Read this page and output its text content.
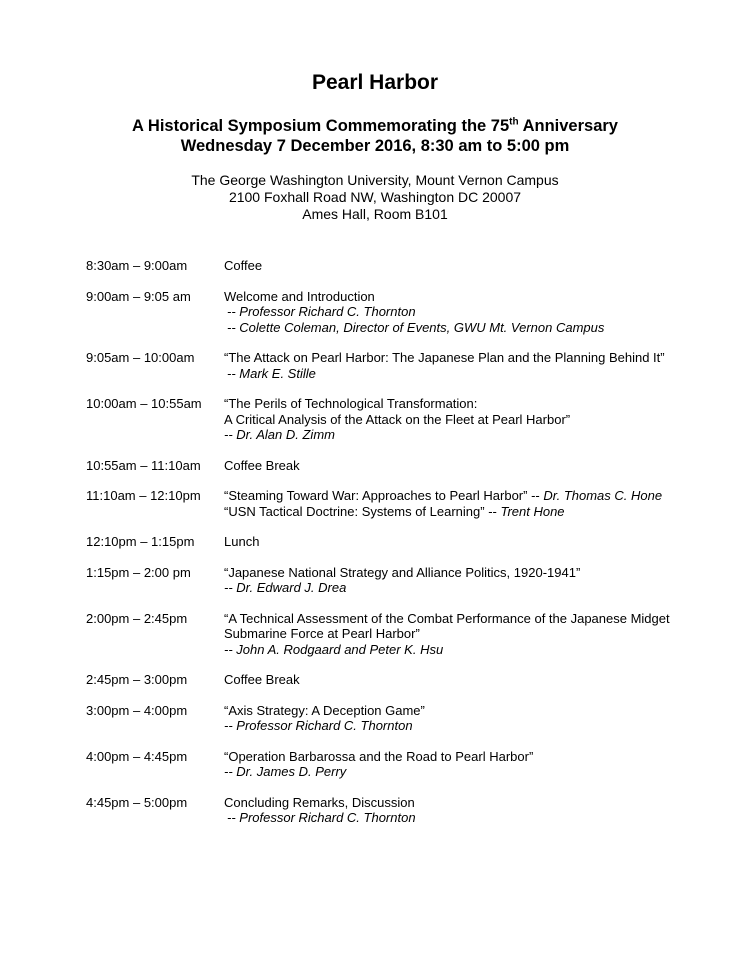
Pearl Harbor
A Historical Symposium Commemorating the 75th Anniversary
Wednesday 7 December 2016, 8:30 am to 5:00 pm
The George Washington University, Mount Vernon Campus
2100 Foxhall Road NW, Washington DC 20007
Ames Hall, Room B101
8:30am – 9:00am	Coffee
9:00am – 9:05 am	Welcome and Introduction
-- Professor Richard C. Thornton
-- Colette Coleman, Director of Events, GWU Mt. Vernon Campus
9:05am – 10:00am	“The Attack on Pearl Harbor: The Japanese Plan and the Planning Behind It”
-- Mark E. Stille
10:00am – 10:55am	“The Perils of Technological Transformation:
A Critical Analysis of the Attack on the Fleet at Pearl Harbor”
-- Dr. Alan D. Zimm
10:55am – 11:10am	Coffee Break
11:10am – 12:10pm	“Steaming Toward War: Approaches to Pearl Harbor” -- Dr. Thomas C. Hone
“USN Tactical Doctrine: Systems of Learning” -- Trent Hone
12:10pm – 1:15pm	Lunch
1:15pm – 2:00 pm	“Japanese National Strategy and Alliance Politics, 1920-1941”
-- Dr. Edward J. Drea
2:00pm – 2:45pm	“A Technical Assessment of the Combat Performance of the Japanese Midget
Submarine Force at Pearl Harbor”
-- John A. Rodgaard and Peter K. Hsu
2:45pm – 3:00pm	Coffee Break
3:00pm – 4:00pm	“Axis Strategy: A Deception Game”
-- Professor Richard C. Thornton
4:00pm – 4:45pm	“Operation Barbarossa and the Road to Pearl Harbor”
-- Dr. James D. Perry
4:45pm – 5:00pm	Concluding Remarks, Discussion
-- Professor Richard C. Thornton
